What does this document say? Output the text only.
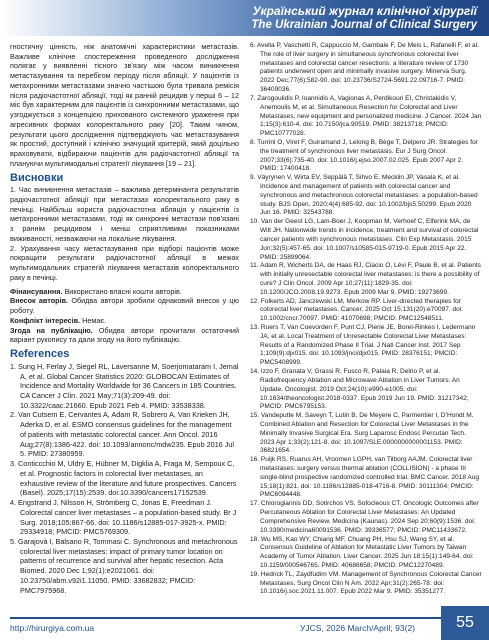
Український журнал клінічної хірургії
The Ukrainian Journal of Clinical Surgery

гностичну цінність, ніж анатомічні характеристики метастазів. Важливе клінічне спостереження проведеного дослідження полягає у виявленні тісного зв’язку між часом виникнення метастазування та перебігом періоду після абляції. У пацієнтів із метахронними метастазами значно частішою була тривала ремісія після радіочастотної абляції, тоді як ранній рецидив у перші 6 – 12 міс був характерним для пацієнтів із синхронними метастазами, що узгоджується з концепцією прихованого системного ураження при агресивних формах колоректального раку [20]. Таким чином, результати цього дослідження підтверджують час метастазування як простий, доступний і клінічно значущий критерій, який доцільно враховувати, відбираючи пацієнтів для радіочастотної абляції та плануючи мультимодальні стратегії лікування [19 – 21].

Висновки

1. Час виникнення метастазів – важлива детермінанта результатів радіочастотної абляції при метастазах колоректального раку в печінці. Найбільш користа радіочастотна абляція у пацієнтів із метахронними метастазами, тоді як синхронні метастази пов’язані з раннім рецидивом і менш сприятливими показниками виживаності, незважаючи на локальне лікування.

2. Урахування часу метастазування при відборі пацієнтів може покращити результати радіочастотної абляції в межах мультимодальних стратегій лікування метастазів колоректального раку в печінці.

Фінансування. Використано власні кошти авторів.

Внесок авторів. Обидва автори зробили однаковий внесок у цю роботу.

Конфлікт інтересів. Немає.

Згода на публікацію. Обидва автори прочитали остаточний варіант рукопису та дали згоду на його публікацію.

References

1. Sung H, Ferlay J, Siegel RL, Laversanne M, Soerjomataram I, Jemal A, et al. Global Cancer Statistics 2020: GLOBOCAN Estimates of Incidence and Mortality Worldwide for 36 Cancers in 185 Countries. CA Cancer J Clin. 2021 May;71(3):209-49. doi: 10.3322/caac.21660. Epub 2021 Feb 4. PMID: 33538338.

2. Van Cutsem E, Cervantes A, Adam R, Sobrero A, Van Krieken JH, Aderka D, et al. ESMO consensus guidelines for the management of patients with metastatic colorectal cancer. Ann Oncol. 2016 Aug;27(8):1386-422. doi: 10.1093/annonc/mdw235. Epub 2016 Jul 5. PMID: 27380959.

3. Conticcchio M, Uldry E, Hübner M, Digklia A, Fraga M, Sempoux C, et al. Prognostic factors in colorectal liver metastases, an exhaustive review of the literature and future prospectives. Cancers (Basel). 2025;17(15):2539. doi:10.3390/cancers17152539.

4. Engstrand J, Nilsson H, Strömberg C, Jonas E, Freedman J. Colorectal cancer liver metastases – a population-based study. Br J Surg. 2018;105:867-66. doi: 10.1186/s12885-017-3925-x. PMID: 29334918; PMCID: PMC5769309.

5. Garajová I, Balsano R, Tommasi C. Synchronous and metachronous colorectal liver metastases: impact of primary tumor location on patterns of recurrence and survival after hepatic resection. Acta Biomed. 2020 Dec 1;92(1):e2021061. doi: 10.23750/abm.v92i1.11050. PMID: 33682832; PMCID: PMC7975968.

6. Avella P, Vaschetti R, Cappuccio M, Gambale F, De Meis L, Rafanelli F, et al. The role of liver surgery in simultaneous synchronous colorectal liver metastases and colorectal cancer resections: a literature review of 1730 patients underwent open and minimally invasive surgery. Minerva Surg. 2022 Dec;77(6):582-90. doi: 10.23736/S2724-5691.22.09716-7. PMID: 36409036.

7. Zarogoulidis P, Ioannidis A, Vagionas A, Perdikouri EI, Christakidis V, Anemoulis M, et al. Simultaneous Resection for Colorectal and Liver Metastases, new equipment and personalized medicine. J Cancer. 2024 Jan 1;15(3):610-4. doi: 10.7150/jca.90519. PMID: 38213718; PMCID: PMC10777028.

8. Turrini O, Viret F, Guiramand J, Lelong B, Bège T, Delpero JR. Strategies for the treatment of synchronous liver metastasis. Eur J Surg Oncol. 2007;33(6):735-40. doi: 10.1016/j.ejso.2007.02.025. Epub 2007 Apr 2. PMID: 17400418.

9. Väyrynen V, Wirta EV, Seppälä T, Sihvo E, Mecklin JP, Vasala K, et al. Incidence and management of patients with colorectal cancer and synchronous and metachronous colorectal metastases: a population-based study. BJS Open. 2020;4(4):685-92. doi: 10.1002/bjs5.50299. Epub 2020 Jun 16. PMID: 32543788.

10. Van der Geest LG, Lam-Boer J, Koopman M, Verhoef C, Elferink MA, de Wilt JH. Nationwide trends in incidence, treatment and survival of colorectal cancer patients with synchronous metastases. Clin Exp Metastasis. 2015 Jun;32(5):457-65. doi: 10.1007/s10585-015-9719-0. Epub 2015 Apr 22. PMID: 25899064.

11. Adam R, Wicherts DA, de Haas RJ, Ciacio O, Lévi F, Paule B, et al. Patients with initially unresectable colorectal liver metastases: is there a possibility of cure? J Clin Oncol. 2009 Apr 10;27(11):1829-35. doi: 10.1200/JCO.2008.19.9273. Epub 2009 Mar 9. PMID: 19273699.

12. Folkerts AD, Janczewski LM, Merkow RP. Liver-directed therapies for colorectal liver metastases. Cancer. 2025 Oct 15;131(20):e70097. doi: 10.1002/cncr.70097. PMID: 41070698; PMCID: PMC12548511.

13. Ruers T, Van Coevorden F, Punt CJ, Pierie JE, Borel-Rinkes I, Ledermann JA, et al. Local Treatment of Unresectable Colorectal Liver Metastases: Results of a Randomized Phase II Trial. J Natl Cancer Inst. 2017 Sep 1;109(9):djx015. doi: 10.1093/jnci/djx015. PMID: 28376151; PMCID: PMC5408999.

14. Izzo F, Granata V, Grassi R, Fusco R, Palaia R, Delrio P, et al. Radiofrequency Ablation and Microwave Ablation in Liver Tumors: An Update. Oncologist. 2019 Oct;24(10):e990-e1005. doi: 10.1634/theoncologist.2018-0337. Epub 2019 Jun 19. PMID: 31217342; PMCID: PMC6795153.

15. Vandeputte M, Saveyn T, Lutin B, De Meyere C, Parmentier I, D’Hondt M. Combined Ablation and Resection for Colorectal Liver Metastases in the Minimally Invasive Surgical Era. Surg Laparosc Endosc Percutan Tech. 2023 Apr 1;33(2):121-8. doi: 10.1097/SLE.0000000000001153. PMID: 36821654.

16. Puijk RS, Ruarus AH, Vroomen LGPH, van Tilborg AAJM. Colorectal liver metastases: surgery versus thermal ablation (COLLISION) - a phase III single-blind prospective randomized controlled trial. BMC Cancer. 2018 Aug 15;18(1):821. doi: 10.1186/s12885-018-4716-8. PMID: 30111304; PMCID: PMC6094448.

17. Chlorogiannis DD, Sotirchos VS, Sofocleous CT. Oncologic Outcomes after Percutaneous Ablation for Colorectal Liver Metastases: An Updated Comprehensive Review. Medicina (Kaunas). 2024 Sep 20;60(9):1536. doi: 10.3390/medicina60091536. PMID: 39336577; PMCID: PMC11433672.

18. Wu MS, Kao WY, Chiang MF, Chuang PH, Hsu SJ, Wang SY, et al. Consensus Guideline of Ablation for Metastatic Liver Tumors by Taiwan Academy of Tumor Ablation. Liver Cancer. 2025 Jun 18;15(1):149-64. doi: 10.1159/000546765. PMID: 40686658; PMCID: PMC12270489.

19. Hedrick TL, Zaydfudim VM. Management of Synchronous Colorectal Cancer Metastases. Surg Oncol Clin N Am. 2022 Apr;31(2):265-78. doi: 10.1016/j.soc.2021.11.007. Epub 2022 Mar 9. PMID: 35351277.

http://hirurgiya.com.ua	УJCS, 2026 March/April; 93(2)	55
